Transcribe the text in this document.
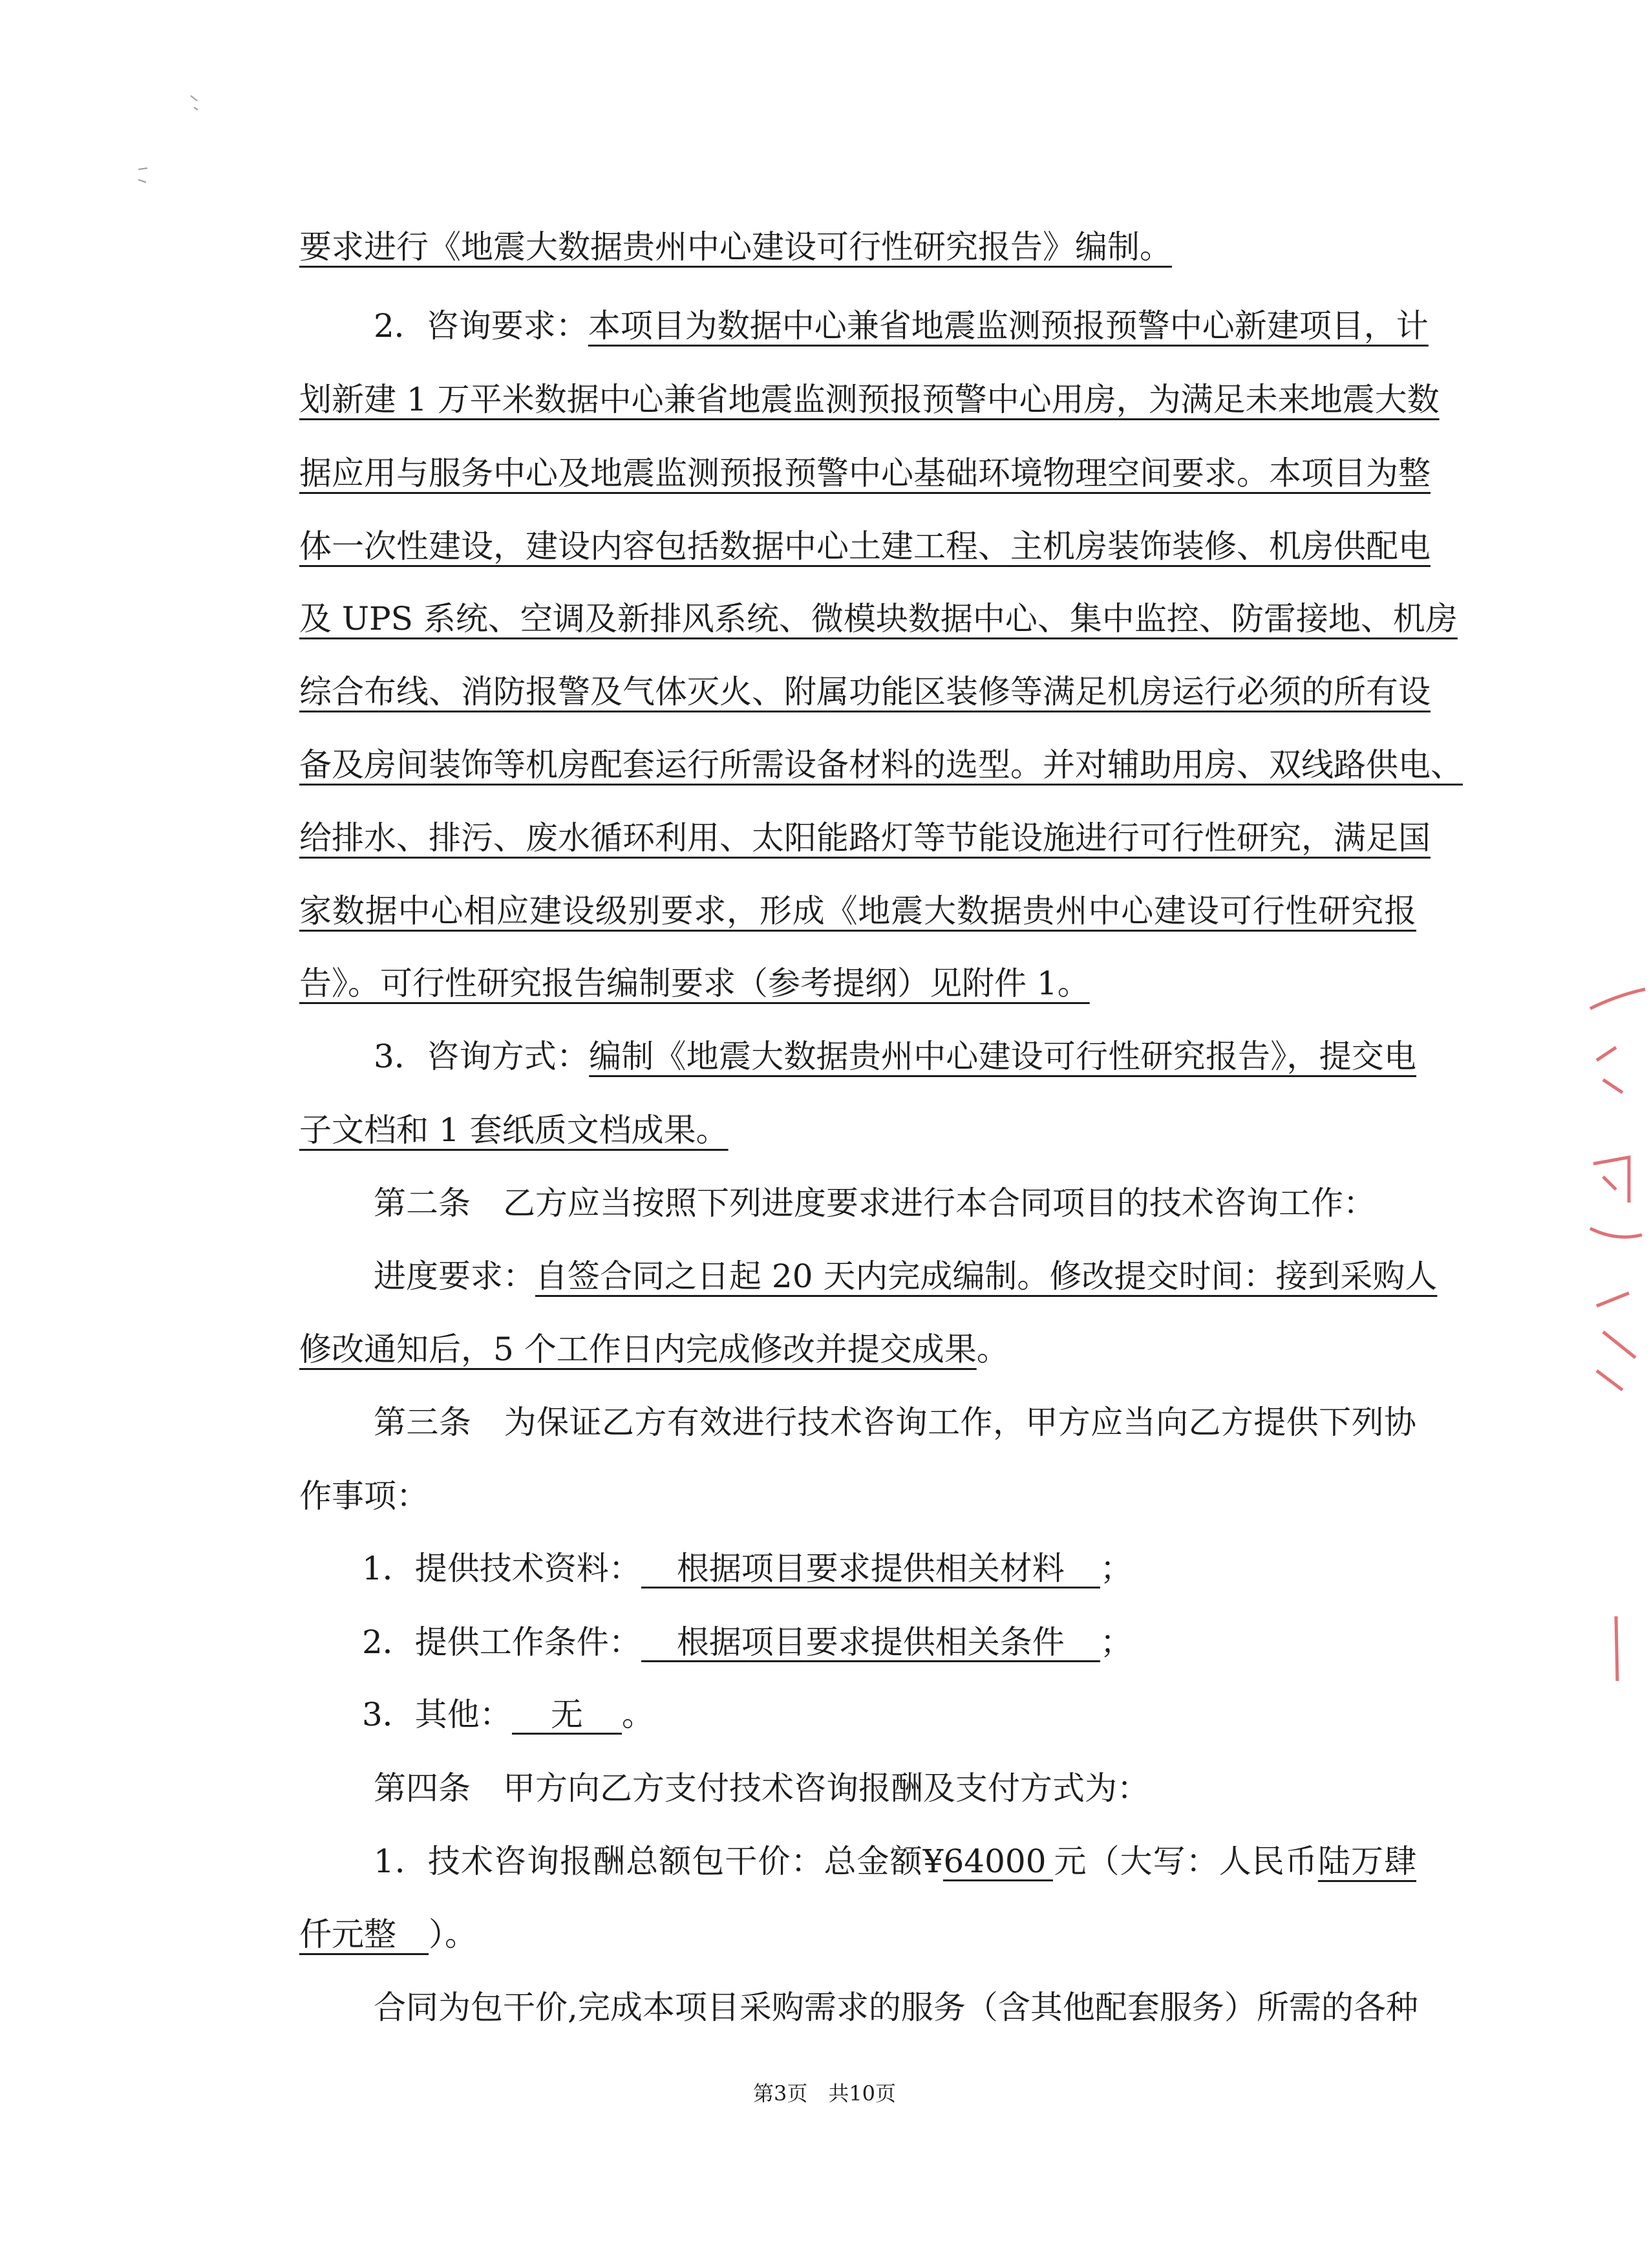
要求进行《地震大数据贵州中心建设可行性研究报告》编制。
2．咨询要求：本项目为数据中心兼省地震监测预报预警中心新建项目，计
划新建 1 万平米数据中心兼省地震监测预报预警中心用房，为满足未来地震大数
据应用与服务中心及地震监测预报预警中心基础环境物理空间要求。本项目为整
体一次性建设，建设内容包括数据中心土建工程、主机房装饰装修、机房供配电
及 UPS 系统、空调及新排风系统、微模块数据中心、集中监控、防雷接地、机房
综合布线、消防报警及气体灭火、附属功能区装修等满足机房运行必须的所有设
备及房间装饰等机房配套运行所需设备材料的选型。并对辅助用房、双线路供电、
给排水、排污、废水循环利用、太阳能路灯等节能设施进行可行性研究，满足国
家数据中心相应建设级别要求，形成《地震大数据贵州中心建设可行性研究报
告》。可行性研究报告编制要求（参考提纲）见附件 1。
3．咨询方式：编制《地震大数据贵州中心建设可行性研究报告》，提交电
子文档和 1 套纸质文档成果。
第二条　乙方应当按照下列进度要求进行本合同项目的技术咨询工作：
进度要求：自签合同之日起 20 天内完成编制。修改提交时间：接到采购人
修改通知后，5 个工作日内完成修改并提交成果。
第三条　为保证乙方有效进行技术咨询工作，甲方应当向乙方提供下列协
作事项：
1．提供技术资料： 根据项目要求提供相关材料 ；
2．提供工作条件： 根据项目要求提供相关条件 ；
3．其他： 无 。
第四条　甲方向乙方支付技术咨询报酬及支付方式为：
1．技术咨询报酬总额包干价：总金额¥64000 元（大写：人民币陆万肆
仟元整  ）。
合同为包干价,完成本项目采购需求的服务（含其他配套服务）所需的各种
第3页　共10页
